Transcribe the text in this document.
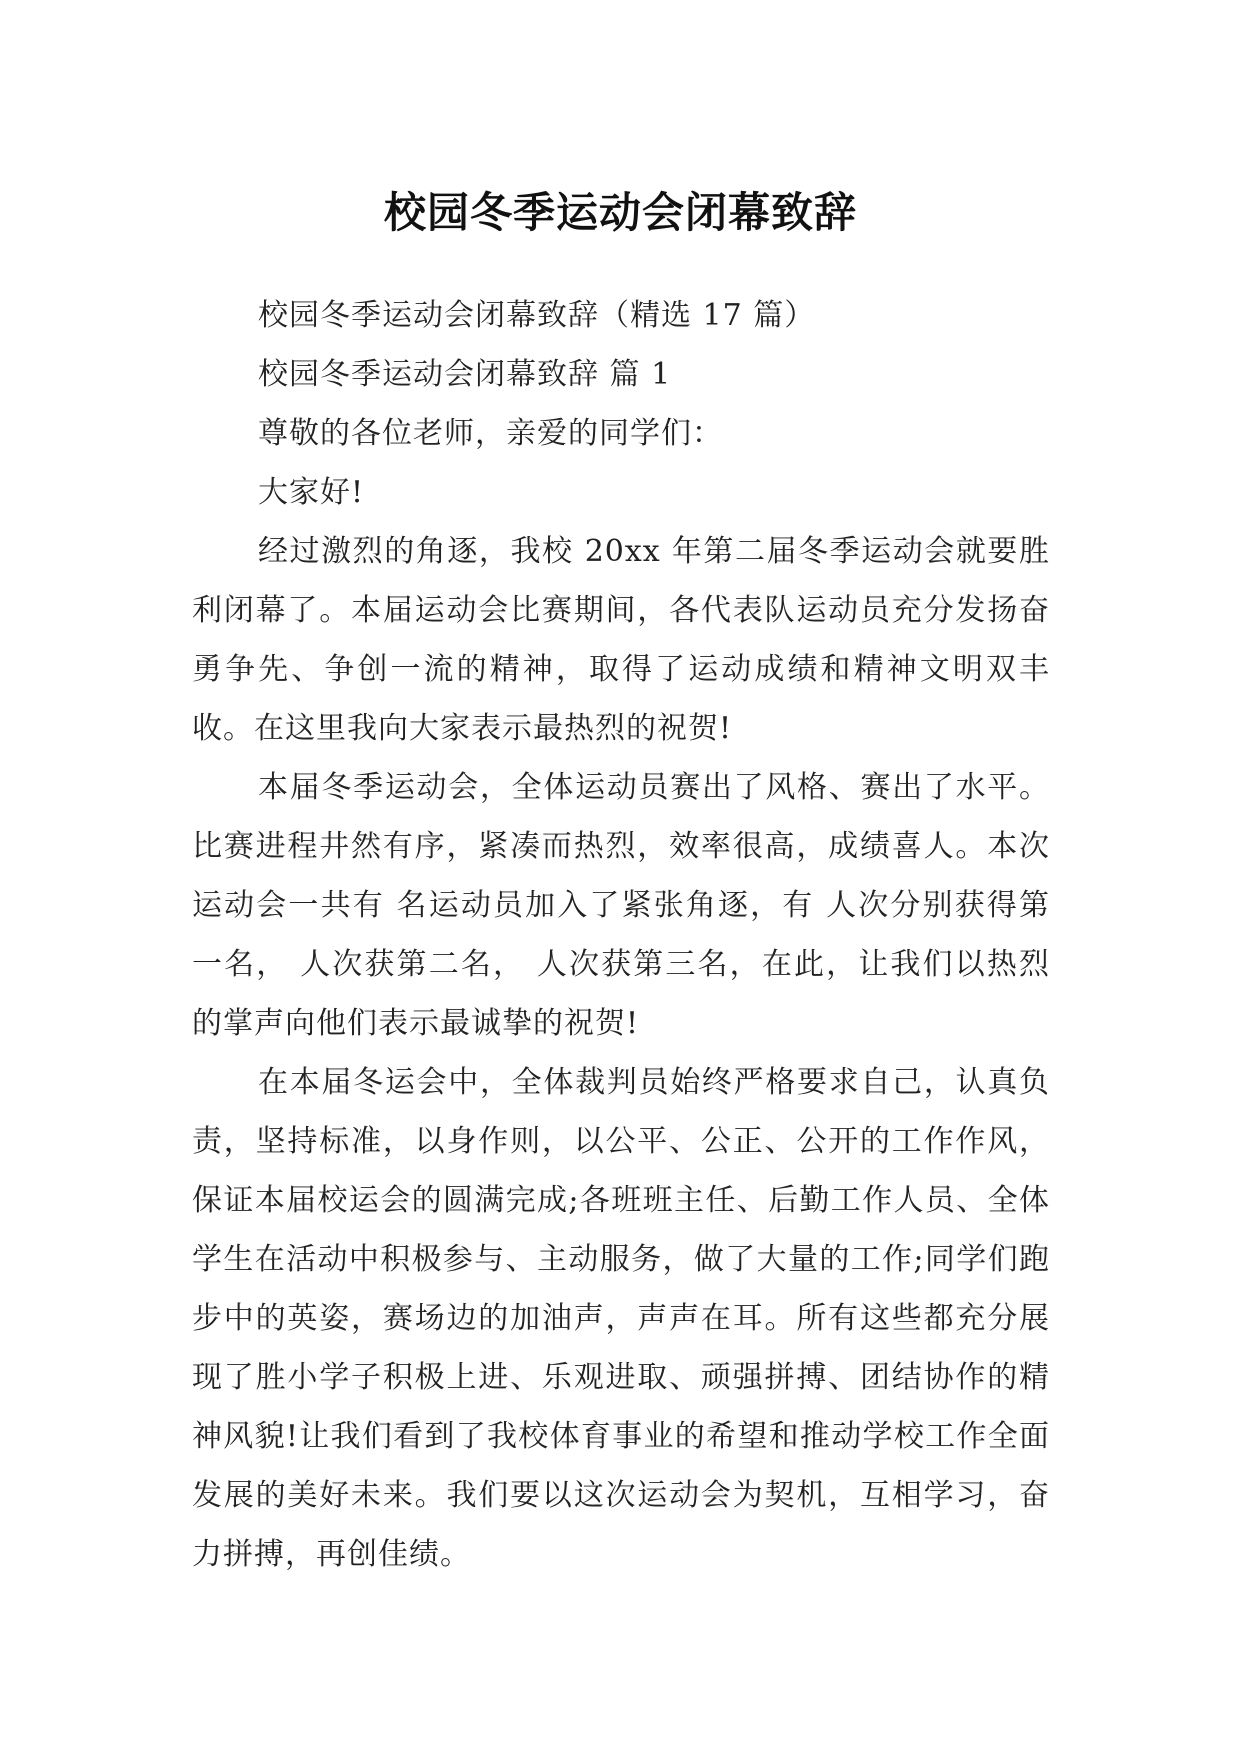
校园冬季运动会闭幕致辞

校园冬季运动会闭幕致辞（精选 17 篇）

校园冬季运动会闭幕致辞 篇 1

尊敬的各位老师，亲爱的同学们：

大家好!

经过激烈的角逐，我校 20xx 年第二届冬季运动会就要胜利闭幕了。本届运动会比赛期间，各代表队运动员充分发扬奋勇争先、争创一流的精神，取得了运动成绩和精神文明双丰收。在这里我向大家表示最热烈的祝贺!

本届冬季运动会，全体运动员赛出了风格、赛出了水平。比赛进程井然有序，紧凑而热烈，效率很高，成绩喜人。本次运动会一共有 名运动员加入了紧张角逐，有 人次分别获得第一名， 人次获第二名， 人次获第三名，在此，让我们以热烈的掌声向他们表示最诚挚的祝贺!

在本届冬运会中，全体裁判员始终严格要求自己，认真负责，坚持标准，以身作则，以公平、公正、公开的工作作风，保证本届校运会的圆满完成;各班班主任、后勤工作人员、全体学生在活动中积极参与、主动服务，做了大量的工作;同学们跑步中的英姿，赛场边的加油声，声声在耳。所有这些都充分展现了胜小学子积极上进、乐观进取、顽强拼搏、团结协作的精神风貌!让我们看到了我校体育事业的希望和推动学校工作全面发展的美好未来。我们要以这次运动会为契机，互相学习，奋力拼搏，再创佳绩。
